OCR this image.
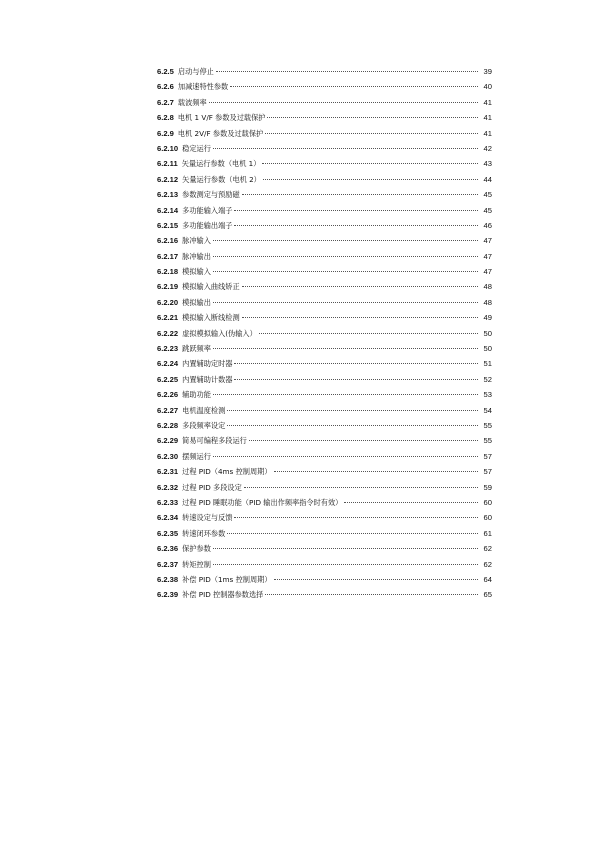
6.2.5 启动与停止	39
6.2.6 加减速特性参数	40
6.2.7 载波频率	41
6.2.8 电机 1 V/F 参数及过载保护	41
6.2.9 电机 2V/F 参数及过载保护	41
6.2.10 稳定运行	42
6.2.11 矢量运行参数（电机 1）	43
6.2.12 矢量运行参数（电机 2）	44
6.2.13 参数测定与预励磁	45
6.2.14 多功能输入端子	45
6.2.15 多功能输出端子	46
6.2.16 脉冲输入	47
6.2.17 脉冲输出	47
6.2.18 模拟输入	47
6.2.19 模拟输入曲线矫正	48
6.2.20 模拟输出	48
6.2.21 模拟输入断线检测	49
6.2.22 虚拟模拟输入(伪输入）	50
6.2.23 跳跃频率	50
6.2.24 内置辅助定时器	51
6.2.25 内置辅助计数器	52
6.2.26 辅助功能	53
6.2.27 电机温度检测	54
6.2.28 多段频率设定	55
6.2.29 简易可编程多段运行	55
6.2.30 摆频运行	57
6.2.31 过程 PID（4ms 控制周期）	57
6.2.32 过程 PID 多段设定	59
6.2.33 过程 PID 睡眠功能（PID 输出作频率指令时有效）	60
6.2.34 转速设定与反馈	60
6.2.35 转速闭环参数	61
6.2.36 保护参数	62
6.2.37 转矩控制	62
6.2.38 补偿 PID（1ms 控制周期）	64
6.2.39 补偿 PID 控制器参数选择	65
